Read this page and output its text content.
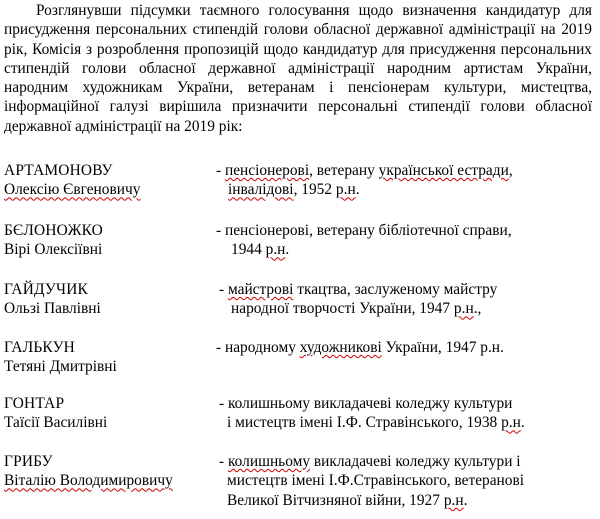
Розглянувши підсумки таємного голосування щодо визначення кандидатур для присудження персональних стипендій голови обласної державної адміністрації на 2019 рік, Комісія з розроблення пропозицій щодо кандидатур для присудження персональних стипендій голови обласної державної адміністрації народним артистам України, народним художникам України, ветеранам і пенсіонерам культури, мистецтва, інформаційної галузі вирішила призначити персональні стипендії голови обласної державної адміністрації на 2019 рік:

АРТАМОНОВУ
Олексію Євгеновичу
- пенсіонерові, ветерану української естради,
інвалідові, 1952 р.н.
БЄЛОНОЖКО
Вірі Олексіївні
- пенсіонерові, ветерану бібліотечної справи,
1944 р.н.
ГАЙДУЧИК
Ользі Павлівні
- майстрові ткацтва, заслуженому майстру
народної творчості України, 1947 р.н.,
ГАЛЬКУН
Тетяні Дмитрівні
- народному художникові України, 1947 р.н.
ГОНТАР
Таїсії Василівні
- колишньому викладачеві коледжу культури
і мистецтв імені І.Ф. Стравінського, 1938 р.н.
ГРИБУ
Віталію Володимировичу
- колишньому викладачеві коледжу культури і
мистецтв імені І.Ф.Стравінського, ветеранові
Великої Вітчизняної війни, 1927 р.н.
